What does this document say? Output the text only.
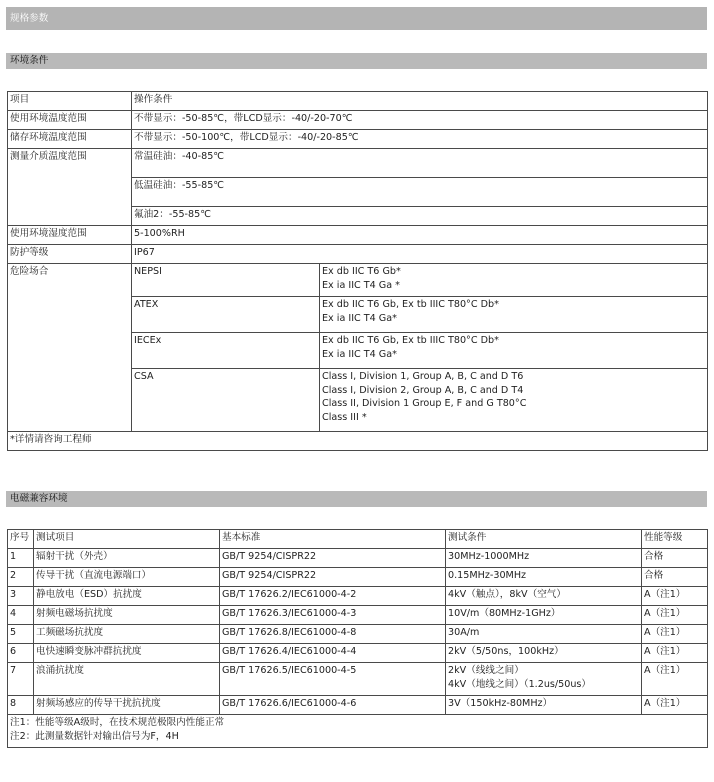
规格参数
环境条件
项目	操作条件	
使用环境温度范围	不带显示：-50-85℃，带LCD显示：-40/-20-70℃	
储存环境温度范围	不带显示：-50-100℃，带LCD显示：-40/-20-85℃	
测量介质温度范围	常温硅油：-40-85℃	
	低温硅油：-55-85℃	
	氟油2：-55-85℃	
使用环境湿度范围	5-100%RH	
防护等级	IP67	
危险场合	NEPSI	Ex db IIC T6 Gb*
Ex ia IIC T4 Ga *

	ATEX	Ex db IIC T6 Gb, Ex tb IIIC T80°C Db*
Ex ia IIC T4 Ga*

	IECEx	Ex db IIC T6 Gb, Ex tb IIIC T80°C Db*
Ex ia IIC T4 Ga*

	CSA	Class I, Division 1, Group A, B, C and D T6
Class I, Division 2, Group A, B, C and D T4
Class II, Division 1 Group E, F and G T80°C
Class III *

*详情请咨询工程师		
电磁兼容环境
序号	测试项目	基本标准	测试条件	性能等级
1	辐射干扰（外壳）	GB/T 9254/CISPR22	30MHz-1000MHz	合格
2	传导干扰（直流电源端口）	GB/T 9254/CISPR22	0.15MHz-30MHz	合格
3	静电放电（ESD）抗扰度	GB/T 17626.2/IEC61000-4-2	4kV（触点），8kV（空气）	A（注1）
4	射频电磁场抗扰度	GB/T 17626.3/IEC61000-4-3	10V/m（80MHz-1GHz）	A（注1）
5	工频磁场抗扰度	GB/T 17626.8/IEC61000-4-8	30A/m	A（注1）
6	电快速瞬变脉冲群抗扰度	GB/T 17626.4/IEC61000-4-4	2kV（5/50ns，100kHz）	A（注1）
7	浪涌抗扰度	GB/T 17626.5/IEC61000-4-5	2kV（线线之间）
4kV（地线之间）（1.2us/50us）	A（注1）
8	射频场感应的传导干扰抗扰度	GB/T 17626.6/IEC61000-4-6	3V（150kHz-80MHz）	A（注1）

注1：性能等级A级时，在技术规范极限内性能正常
注2：此测量数据针对输出信号为F，4H				
